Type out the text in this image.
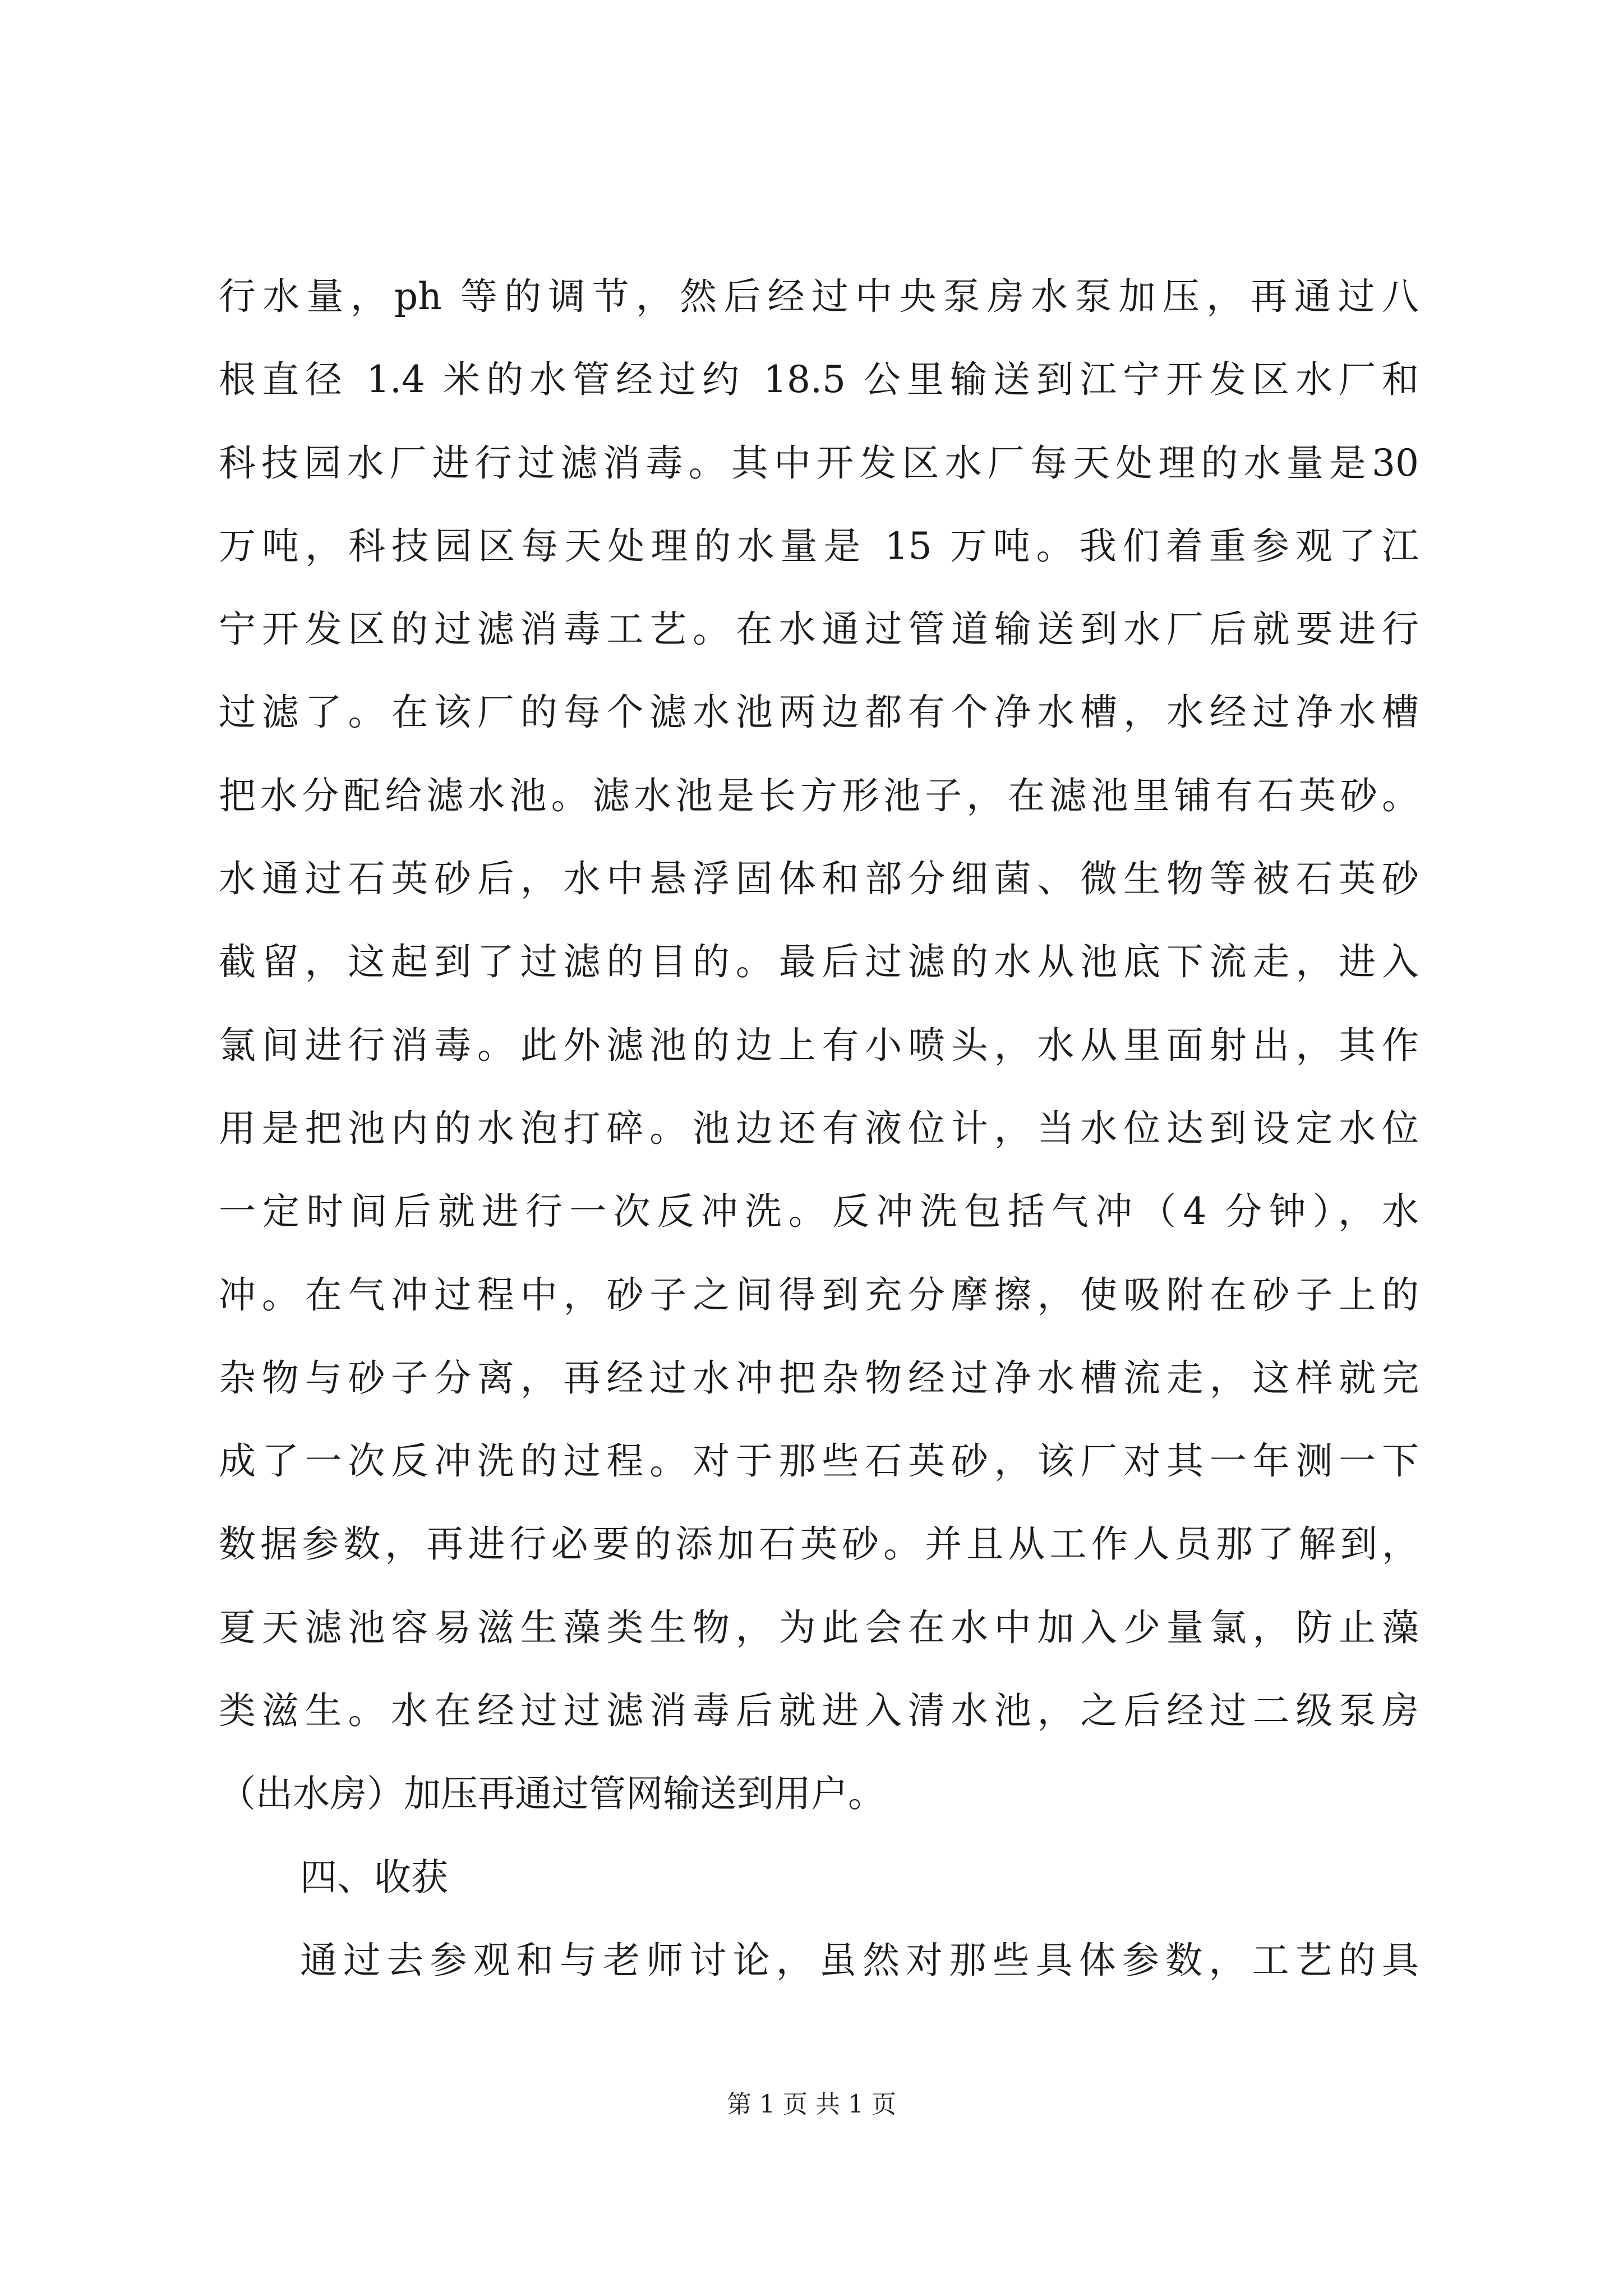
行水量，ph 等的调节，然后经过中央泵房水泵加压，再通过八
根直径 1.4 米的水管经过约 18.5 公里输送到江宁开发区水厂和
科技园水厂进行过滤消毒。其中开发区水厂每天处理的水量是30
万吨，科技园区每天处理的水量是 15 万吨。我们着重参观了江
宁开发区的过滤消毒工艺。在水通过管道输送到水厂后就要进行
过滤了。在该厂的每个滤水池两边都有个净水槽，水经过净水槽
把水分配给滤水池。滤水池是长方形池子，在滤池里铺有石英砂。
水通过石英砂后，水中悬浮固体和部分细菌、微生物等被石英砂
截留，这起到了过滤的目的。最后过滤的水从池底下流走，进入
氯间进行消毒。此外滤池的边上有小喷头，水从里面射出，其作
用是把池内的水泡打碎。池边还有液位计，当水位达到设定水位
一定时间后就进行一次反冲洗。反冲洗包括气冲（4 分钟），水
冲。在气冲过程中，砂子之间得到充分摩擦，使吸附在砂子上的
杂物与砂子分离，再经过水冲把杂物经过净水槽流走，这样就完
成了一次反冲洗的过程。对于那些石英砂，该厂对其一年测一下
数据参数，再进行必要的添加石英砂。并且从工作人员那了解到，
夏天滤池容易滋生藻类生物，为此会在水中加入少量氯，防止藻
类滋生。水在经过过滤消毒后就进入清水池，之后经过二级泵房
（出水房）加压再通过管网输送到用户。
四、收获
通过去参观和与老师讨论，虽然对那些具体参数，工艺的具
第 1 页 共 1 页
